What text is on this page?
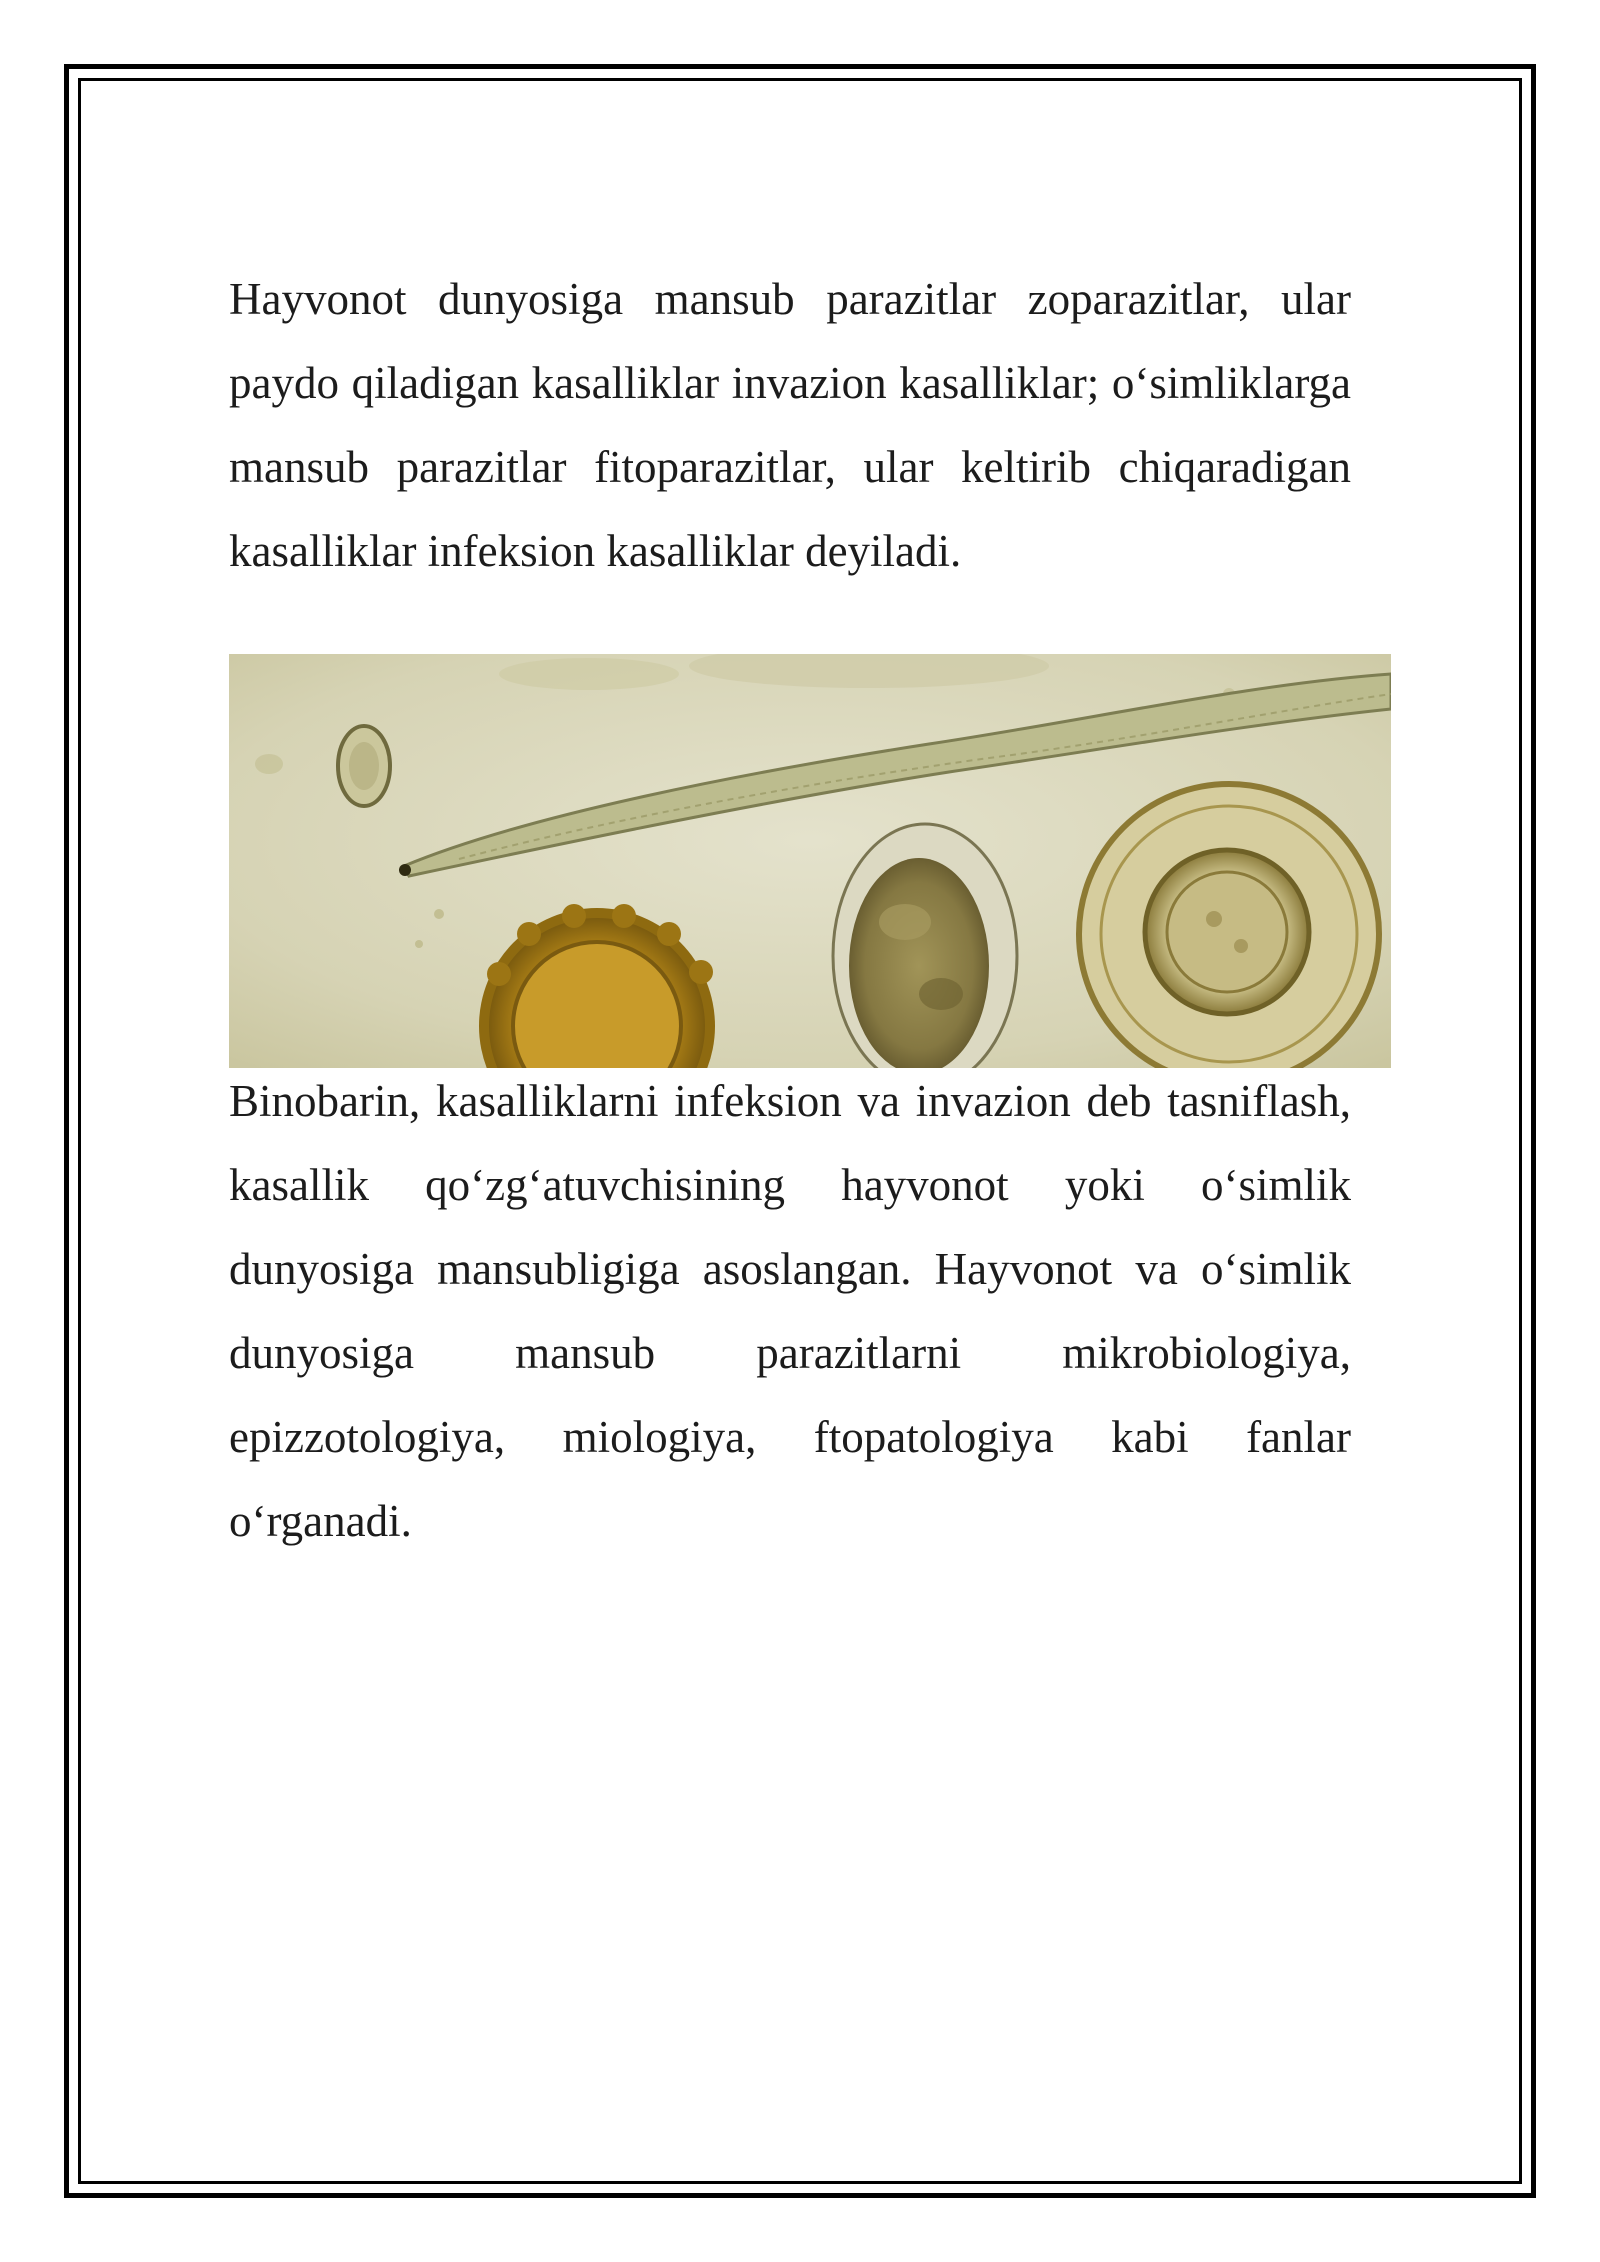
Hayvonot dunyosiga mansub parazitlar zoparazitlar, ular paydo qiladigan kasalliklar invazion kasalliklar; o‘simliklarga mansub parazitlar fitoparazitlar, ular keltirib chiqaradigan kasalliklar infeksion kasalliklar deyiladi.

Binobarin, kasalliklarni infeksion va invazion deb tasniflash, kasallik qo‘zg‘atuvchisining hayvonot yoki o‘simlik dunyosiga mansubligiga asoslangan. Hayvonot va o‘simlik dunyosiga mansub parazitlarni mikrobiologiya, epizzotologiya, miologiya, ftopatologiya kabi fanlar o‘rganadi.
